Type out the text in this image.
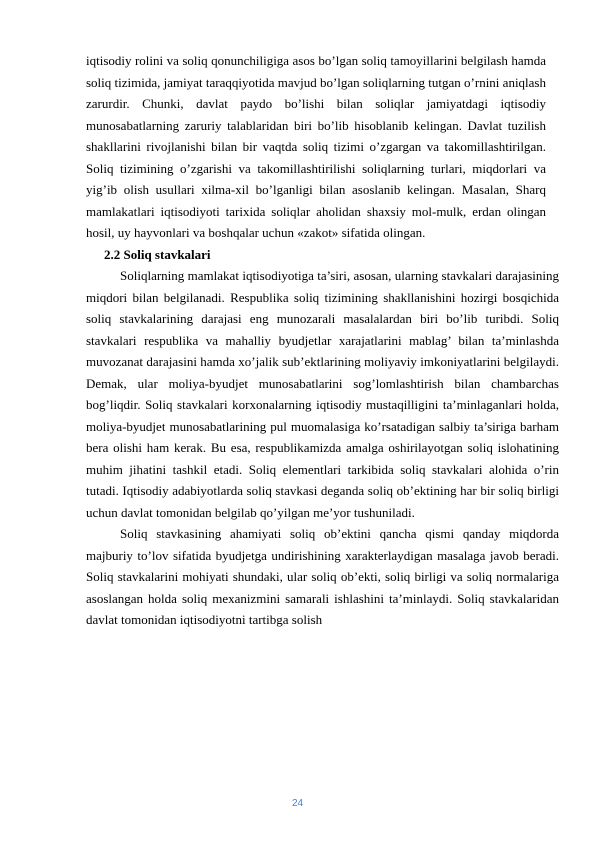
iqtisodiy rolini va soliq qonunchiligiga asos bo’lgan soliq tamoyillarini belgilash hamda soliq tizimida, jamiyat taraqqiyotida mavjud bo’lgan soliqlarning tutgan o’rnini aniqlash zarurdir. Chunki, davlat paydo bo’lishi bilan soliqlar jamiyatdagi iqtisodiy munosabatlarning zaruriy talablaridan biri bo’lib hisoblanib kelingan. Davlat tuzilish shakllarini rivojlanishi bilan bir vaqtda soliq tizimi o’zgargan va takomillashtirilgan. Soliq tizimining o’zgarishi va takomillashtirilishi soliqlarning turlari, miqdorlari va yig’ib olish usullari xilma-xil bo’lganligi bilan asoslanib kelingan. Masalan, Sharq mamlakatlari iqtisodiyoti tarixida soliqlar aholidan shaxsiy mol-mulk, erdan olingan hosil, uy hayvonlari va boshqalar uchun «zakot» sifatida olingan.

2.2 Soliq stavkalari

Soliqlarning mamlakat iqtisodiyotiga ta’siri, asosan, ularning stavkalari darajasining miqdori bilan belgilanadi. Respublika soliq tizimining shakllanishini hozirgi bosqichida soliq stavkalarining darajasi eng munozarali masalalardan biri bo’lib turibdi. Soliq stavkalari respublika va mahalliy byudjetlar xarajatlarini mablag’ bilan ta’minlashda muvozanat darajasini hamda xo’jalik sub’ektlarining moliyaviy imkoniyatlarini belgilaydi. Demak, ular moliya-byudjet munosabatlarini sog’lomlashtirish bilan chambarchas bog’liqdir. Soliq stavkalari korxonalarning iqtisodiy mustaqilligini ta’minlaganlari holda, moliya-byudjet munosabatlarining pul muomalasiga ko’rsatadigan salbiy ta’siriga barham bera olishi ham kerak. Bu esa, respublikamizda amalga oshirilayotgan soliq islohatining muhim jihatini tashkil etadi. Soliq elementlari tarkibida soliq stavkalari alohida o’rin tutadi. Iqtisodiy adabiyotlarda soliq stavkasi deganda soliq ob’ektining har bir soliq birligi uchun davlat tomonidan belgilab qo’yilgan me’yor tushuniladi.

Soliq stavkasining ahamiyati soliq ob’ektini qancha qismi qanday miqdorda majburiy to’lov sifatida byudjetga undirishining xarakterlaydigan masalaga javob beradi. Soliq stavkalarini mohiyati shundaki, ular soliq ob’ekti, soliq birligi va soliq normalariga asoslangan holda soliq mexanizmini samarali ishlashini ta’minlaydi. Soliq stavkalaridan davlat tomonidan iqtisodiyotni tartibga solish

24
